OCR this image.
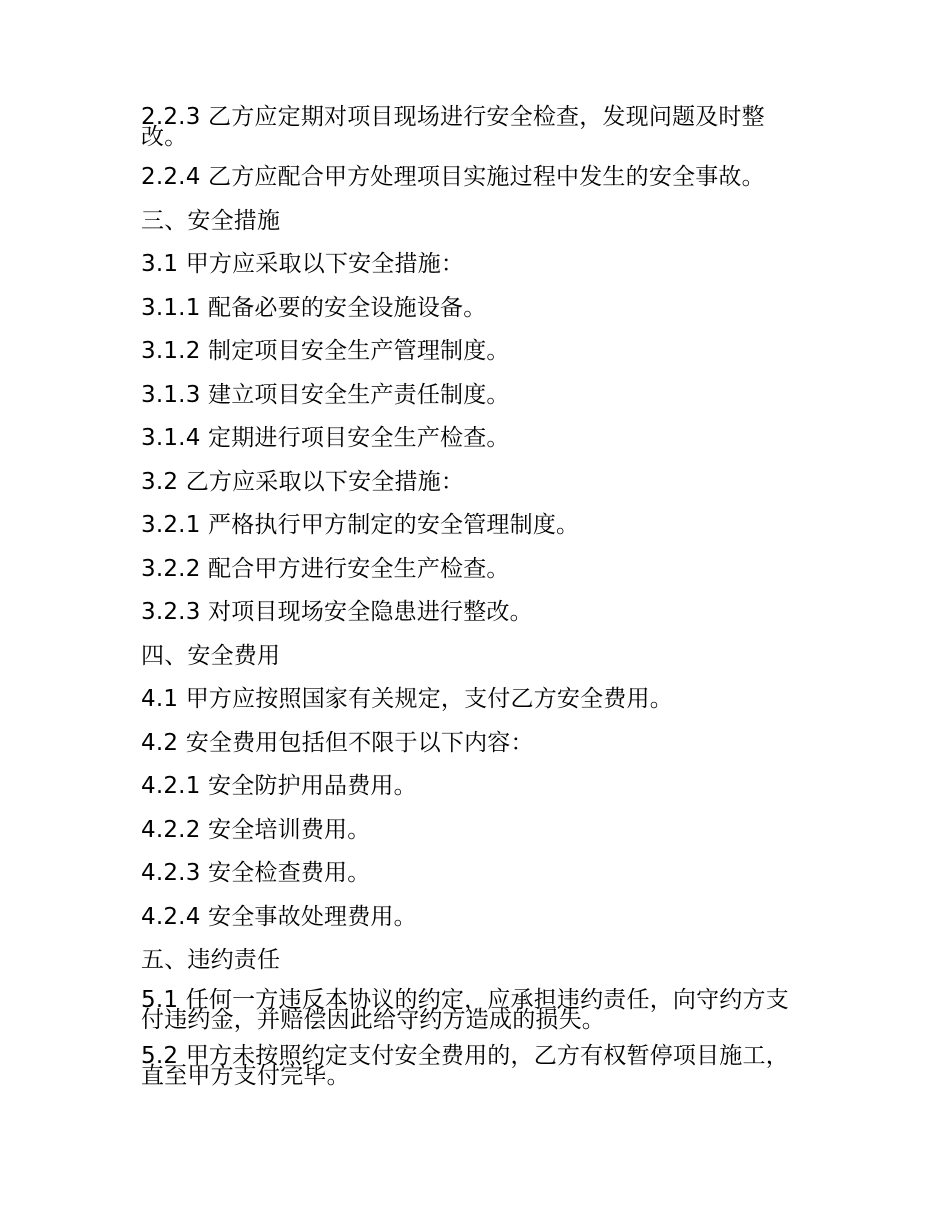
2.2.3 乙方应定期对项目现场进行安全检查，发现问题及时整改。

2.2.4 乙方应配合甲方处理项目实施过程中发生的安全事故。

三、安全措施

3.1 甲方应采取以下安全措施：

3.1.1 配备必要的安全设施设备。

3.1.2 制定项目安全生产管理制度。

3.1.3 建立项目安全生产责任制度。

3.1.4 定期进行项目安全生产检查。

3.2 乙方应采取以下安全措施：

3.2.1 严格执行甲方制定的安全管理制度。

3.2.2 配合甲方进行安全生产检查。

3.2.3 对项目现场安全隐患进行整改。

四、安全费用

4.1 甲方应按照国家有关规定，支付乙方安全费用。

4.2 安全费用包括但不限于以下内容：

4.2.1 安全防护用品费用。

4.2.2 安全培训费用。

4.2.3 安全检查费用。

4.2.4 安全事故处理费用。

五、违约责任

5.1 任何一方违反本协议的约定，应承担违约责任，向守约方支付违约金，并赔偿因此给守约方造成的损失。

5.2 甲方未按照约定支付安全费用的，乙方有权暂停项目施工，直至甲方支付完毕。
